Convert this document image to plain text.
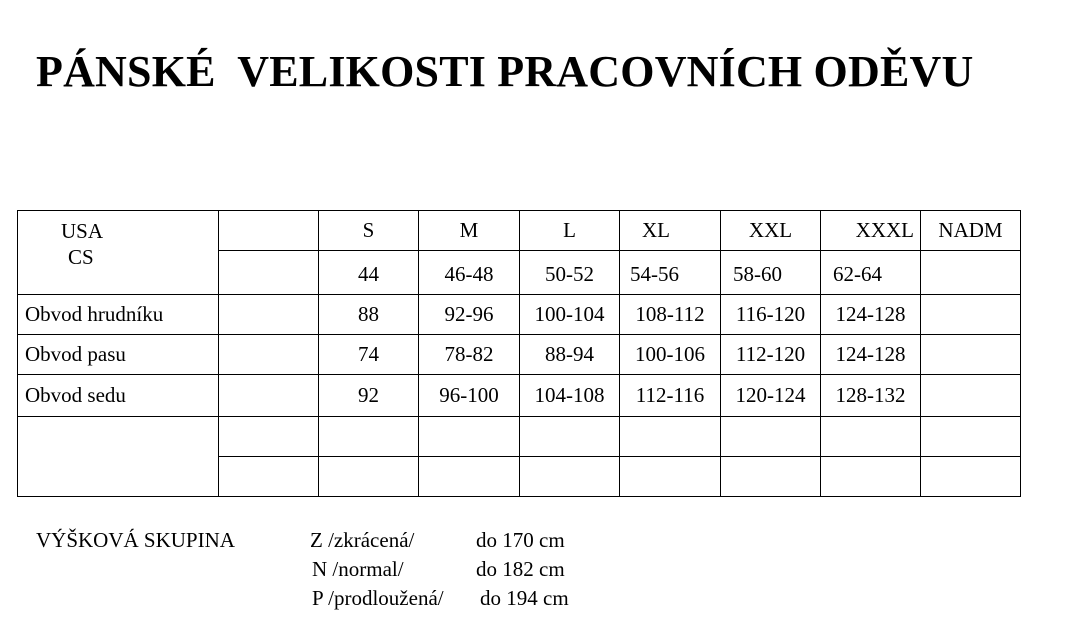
PÁNSKÉ  VELIKOSTI PRACOVNÍCH ODĚVU
USA
CS		S	M	L	XL	XXL	XXXL	NADM
		44	46-48	50-52	54-56	58-60	62-64	
Obvod hrudníku		88	92-96	100-104	108-112	116-120	124-128	
Obvod pasu		74	78-82	88-94	100-106	112-120	124-128	
Obvod sedu		92	96-100	104-108	112-116	120-124	128-132	

VÝŠKOVÁ SKUPINA	Z /zkrácená/	do 170 cm
N /normal/	do 182 cm
P /prodloužená/ do 194 cm
